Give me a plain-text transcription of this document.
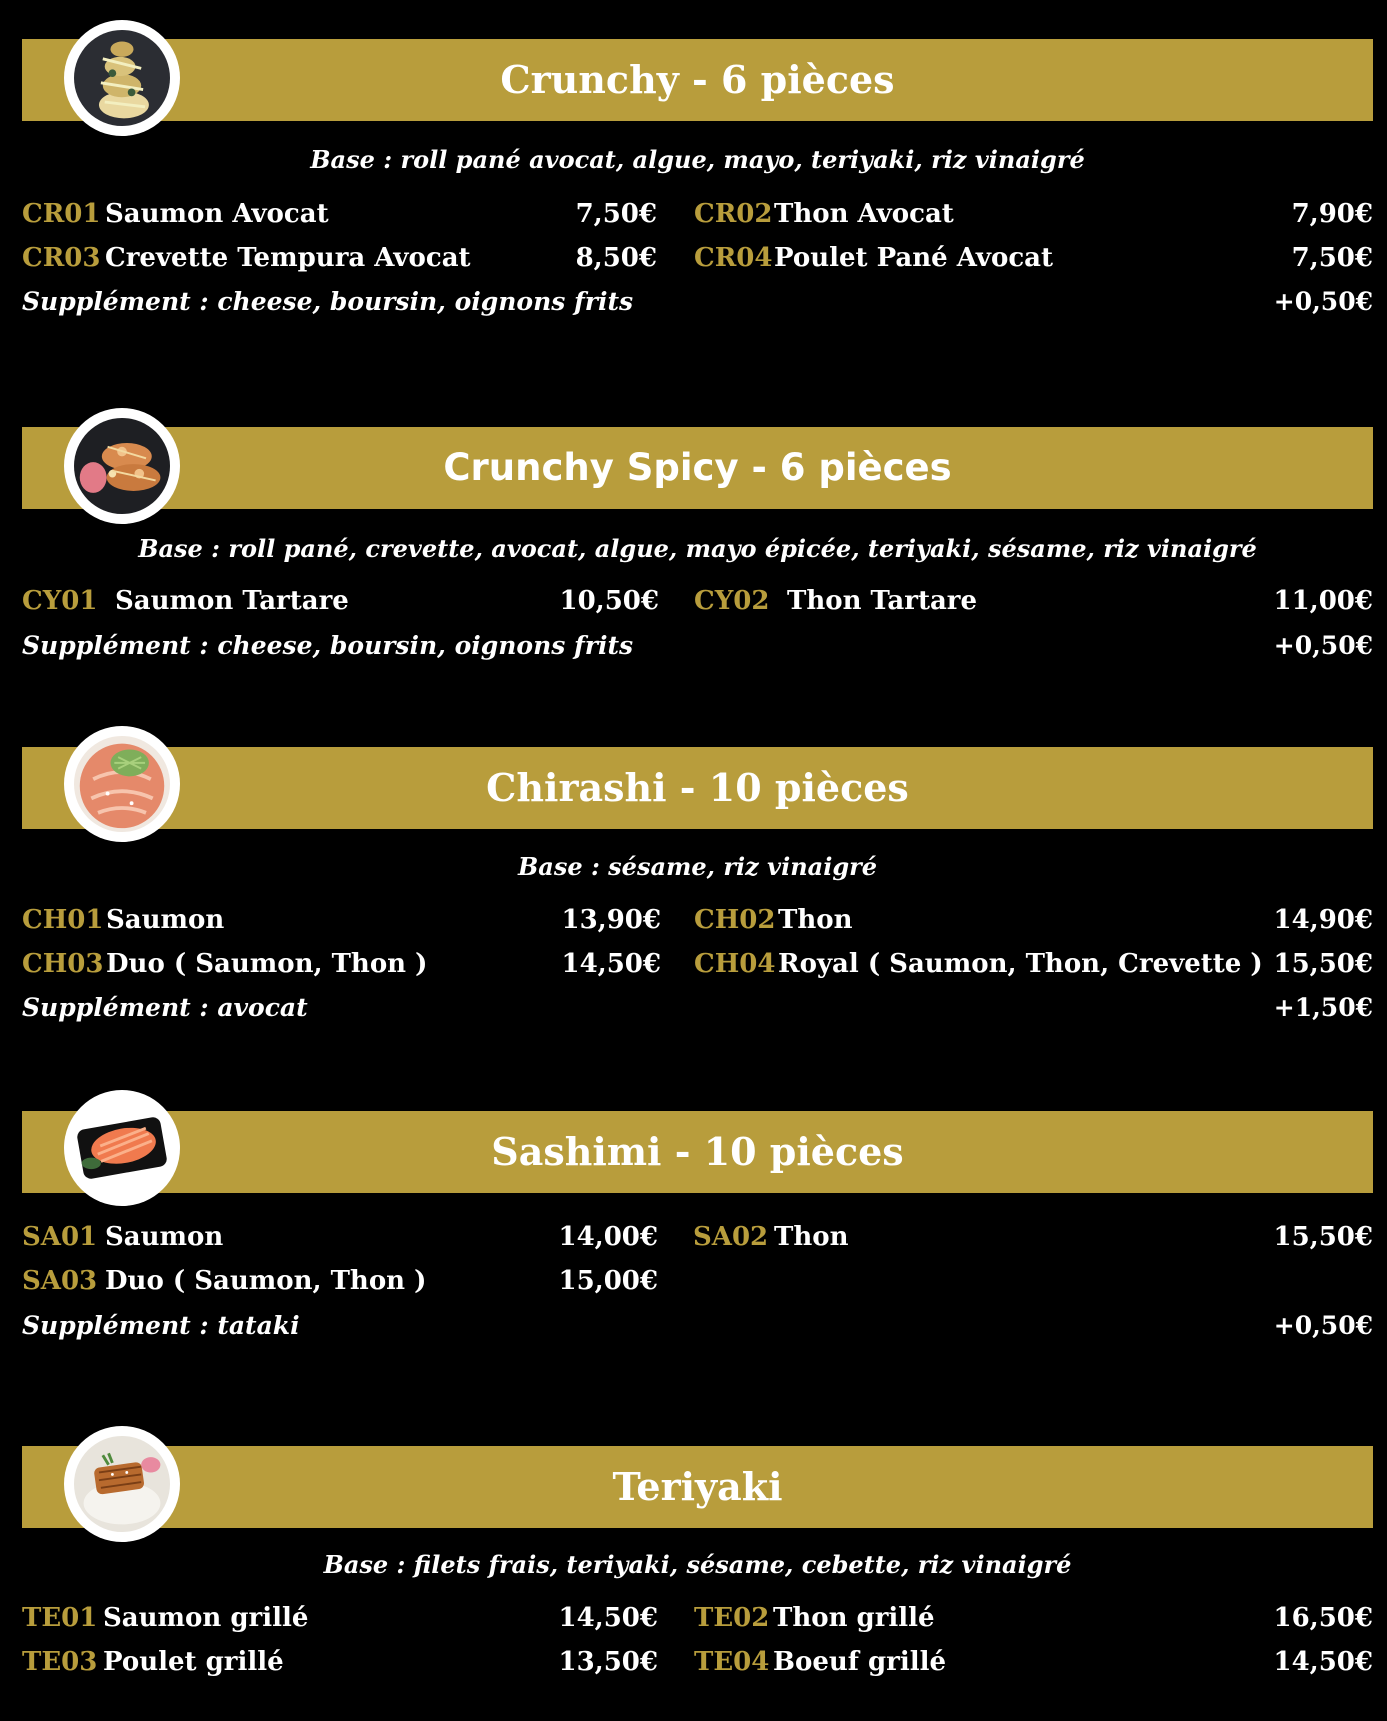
Crunchy - 6 pièces
Base : roll pané avocat, algue, mayo, teriyaki, riz vinaigré
CR01 Saumon Avocat	7,50€ CR02 Thon Avocat	7,90€
CR03 Crevette Tempura Avocat	8,50€ CR04 Poulet Pané Avocat	7,50€
Supplément : cheese, boursin, oignons frits	+0,50€
Crunchy Spicy - 6 pièces
Base : roll pané, crevette, avocat, algue, mayo épicée, teriyaki, sésame, riz vinaigré
CY01 Saumon Tartare	10,50€ CY02 Thon Tartare	11,00€
Supplément : cheese, boursin, oignons frits	+0,50€
Chirashi - 10 pièces
Base : sésame, riz vinaigré
CH01 Saumon	13,90€ CH02 Thon	14,90€
CH03 Duo ( Saumon, Thon )	14,50€ CH04 Royal ( Saumon, Thon, Crevette ) 15,50€
Supplément : avocat	+1,50€
Sashimi - 10 pièces
SA01 Saumon	14,00€ SA02 Thon	15,50€
SA03 Duo ( Saumon, Thon )	15,00€
Supplément : tataki	+0,50€
Teriyaki
Base : filets frais, teriyaki, sésame, cebette, riz vinaigré
TE01 Saumon grillé	14,50€ TE02 Thon grillé	16,50€
TE03 Poulet grillé	13,50€ TE04 Boeuf grillé	14,50€
